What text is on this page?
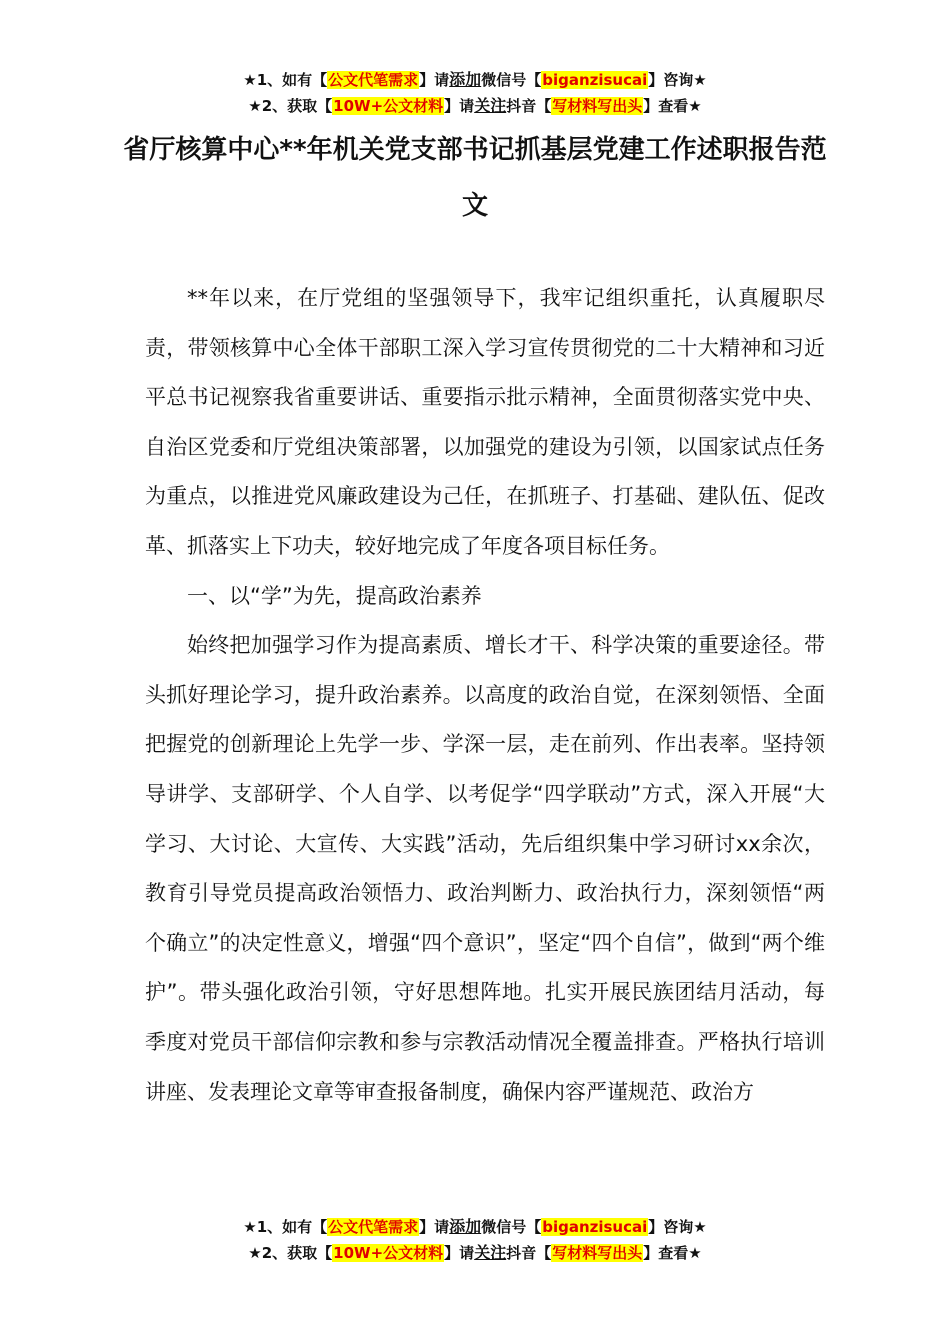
★1、如有【公文代笔需求】请添加微信号【biganzisucai】咨询★
★2、获取【10W+公文材料】请关注抖音【写材料写出头】查看★
省厅核算中心**年机关党支部书记抓基层党建工作述职报告范文

**年以来，在厅党组的坚强领导下，我牢记组织重托，认真履职尽责，带领核算中心全体干部职工深入学习宣传贯彻党的二十大精神和习近平总书记视察我省重要讲话、重要指示批示精神，全面贯彻落实党中央、自治区党委和厅党组决策部署，以加强党的建设为引领，以国家试点任务为重点，以推进党风廉政建设为己任，在抓班子、打基础、建队伍、促改革、抓落实上下功夫，较好地完成了年度各项目标任务。

一、以“学”为先，提高政治素养

始终把加强学习作为提高素质、增长才干、科学决策的重要途径。带头抓好理论学习，提升政治素养。以高度的政治自觉，在深刻领悟、全面把握党的创新理论上先学一步、学深一层，走在前列、作出表率。坚持领导讲学、支部研学、个人自学、以考促学“四学联动”方式，深入开展“大学习、大讨论、大宣传、大实践”活动，先后组织集中学习研讨xx余次，教育引导党员提高政治领悟力、政治判断力、政治执行力，深刻领悟“两个确立”的决定性意义，增强“四个意识”，坚定“四个自信”，做到“两个维护”。带头强化政治引领，守好思想阵地。扎实开展民族团结月活动，每季度对党员干部信仰宗教和参与宗教活动情况全覆盖排查。严格执行培训讲座、发表理论文章等审查报备制度，确保内容严谨规范、政治方

★1、如有【公文代笔需求】请添加微信号【biganzisucai】咨询★
★2、获取【10W+公文材料】请关注抖音【写材料写出头】查看★
